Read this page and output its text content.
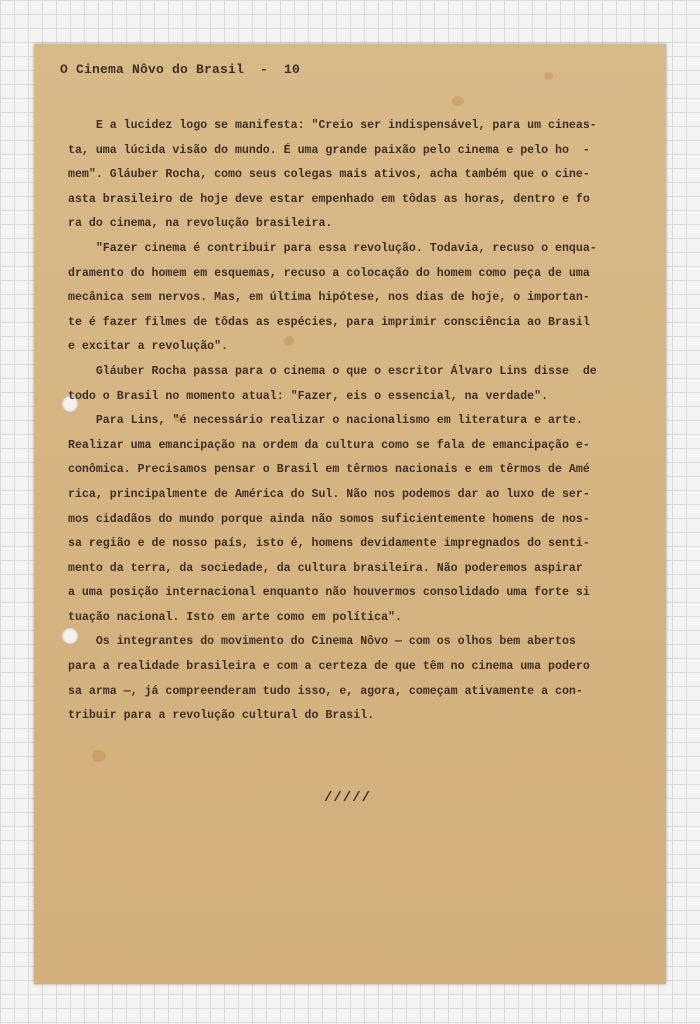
O Cinema Nôvo do Brasil  -  10
E a lucidez logo se manifesta: "Creio ser indispensável, para um cineas-
ta, uma lúcida visão do mundo. É uma grande paixão pelo cinema e pelo ho  -
mem". Gláuber Rocha, como seus colegas mais ativos, acha também que o cine-
asta brasileiro de hoje deve estar empenhado em tôdas as horas, dentro e fo
ra do cinema, na revolução brasileira.
"Fazer cinema é contribuir para essa revolução. Todavia, recuso o enqua-
dramento do homem em esquemas, recuso a colocação do homem como peça de uma
mecânica sem nervos. Mas, em última hipótese, nos dias de hoje, o importan-
te é fazer filmes de tôdas as espécies, para imprimir consciência ao Brasil
e excitar a revolução".
Gláuber Rocha passa para o cinema o que o escritor Álvaro Lins disse  de
todo o Brasil no momento atual: "Fazer, eis o essencial, na verdade".
Para Lins, "é necessário realizar o nacionalismo em literatura e arte.
Realizar uma emancipação na ordem da cultura como se fala de emancipação e-
conômica. Precisamos pensar o Brasil em têrmos nacionais e em têrmos de Amé
rica, principalmente de América do Sul. Não nos podemos dar ao luxo de ser-
mos cidadãos do mundo porque ainda não somos suficientemente homens de nos-
sa região e de nosso país, isto é, homens devidamente impregnados do senti-
mento da terra, da sociedade, da cultura brasileira. Não poderemos aspirar
a uma posição internacional enquanto não houvermos consolidado uma forte si
tuação nacional. Isto em arte como em política".
Os integrantes do movimento do Cinema Nôvo — com os olhos bem abertos
para a realidade brasileira e com a certeza de que têm no cinema uma podero
sa arma —, já compreenderam tudo isso, e, agora, começam ativamente a con-
tribuir para a revolução cultural do Brasil.
/////
